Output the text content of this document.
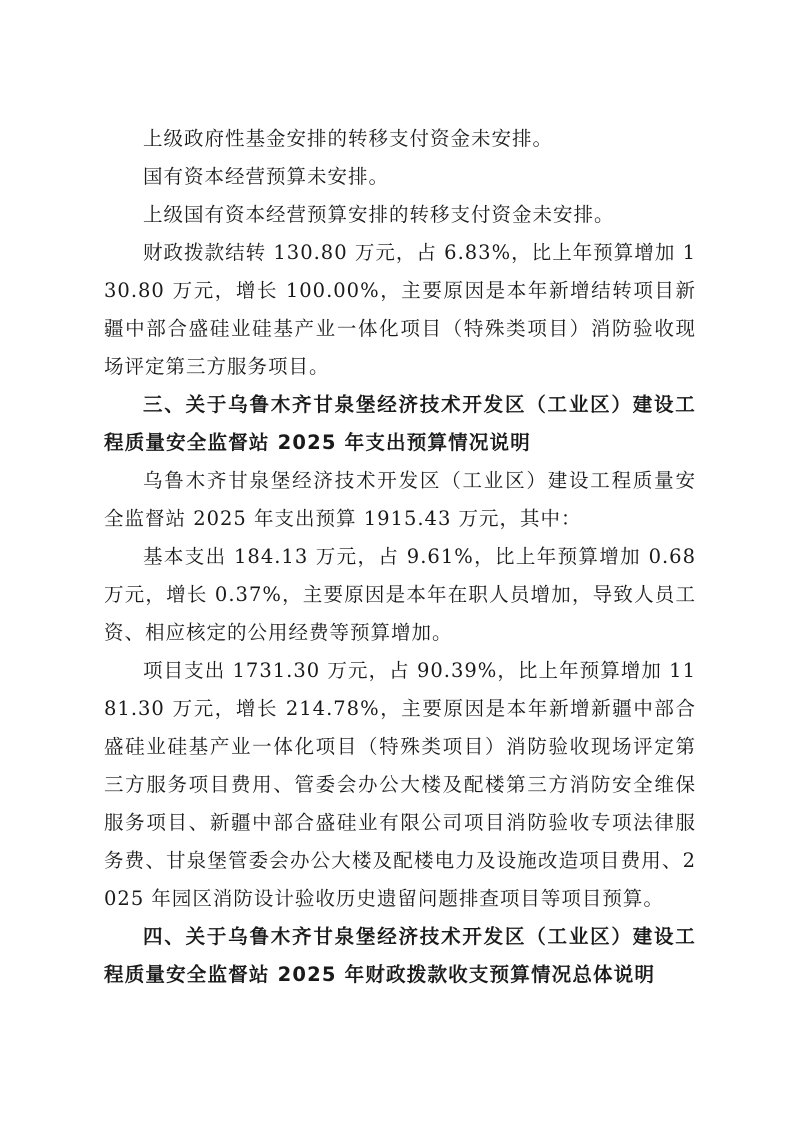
上级政府性基金安排的转移支付资金未安排。

国有资本经营预算未安排。

上级国有资本经营预算安排的转移支付资金未安排。

财政拨款结转 130.80 万元，占 6.83%，比上年预算增加 130.80 万元，增长 100.00%，主要原因是本年新增结转项目新疆中部合盛硅业硅基产业一体化项目（特殊类项目）消防验收现场评定第三方服务项目。

三、关于乌鲁木齐甘泉堡经济技术开发区（工业区）建设工程质量安全监督站 2025 年支出预算情况说明

乌鲁木齐甘泉堡经济技术开发区（工业区）建设工程质量安全监督站 2025 年支出预算 1915.43 万元，其中：

基本支出 184.13 万元，占 9.61%，比上年预算增加 0.68 万元，增长 0.37%，主要原因是本年在职人员增加，导致人员工资、相应核定的公用经费等预算增加。

项目支出 1731.30 万元，占 90.39%，比上年预算增加 1181.30 万元，增长 214.78%，主要原因是本年新增新疆中部合盛硅业硅基产业一体化项目（特殊类项目）消防验收现场评定第三方服务项目费用、管委会办公大楼及配楼第三方消防安全维保服务项目、新疆中部合盛硅业有限公司项目消防验收专项法律服务费、甘泉堡管委会办公大楼及配楼电力及设施改造项目费用、2025 年园区消防设计验收历史遗留问题排查项目等项目预算。

四、关于乌鲁木齐甘泉堡经济技术开发区（工业区）建设工程质量安全监督站 2025 年财政拨款收支预算情况总体说明
